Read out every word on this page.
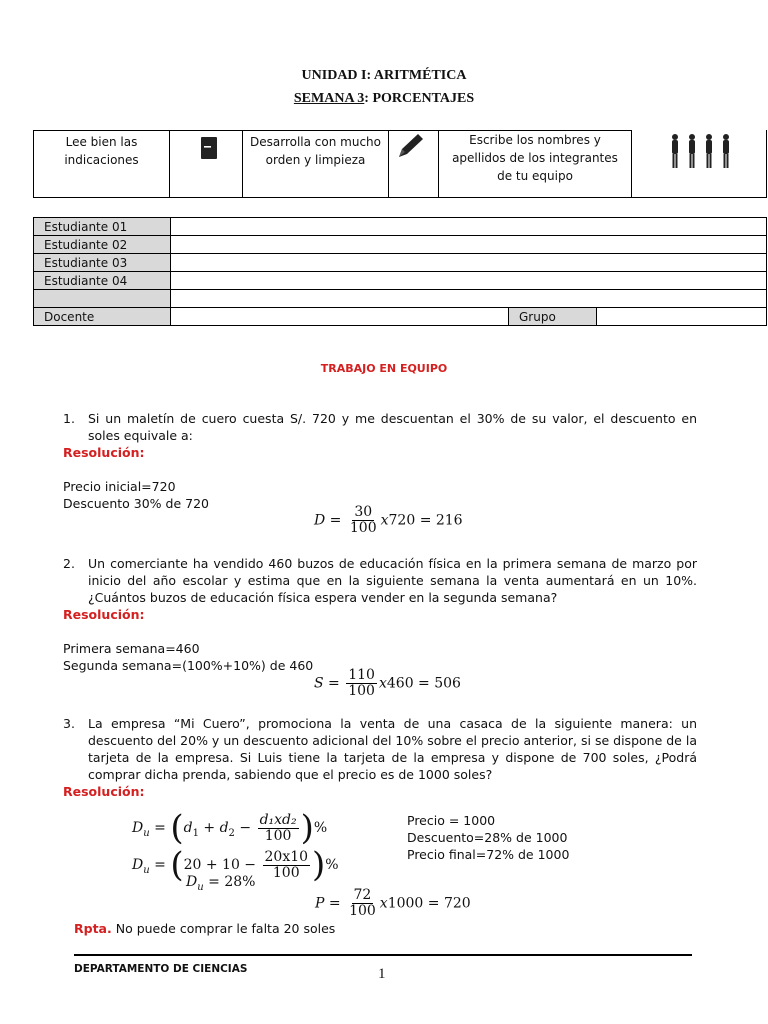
UNIDAD I: ARITMÉTICA
SEMANA 3: PORCENTAJES
Lee bien las indicaciones
Desarrolla con mucho orden y limpieza
Escribe los nombres y apellidos de los integrantes de tu equipo
Estudiante 01			
Estudiante 02			
Estudiante 03			
Estudiante 04			

Docente		Grupo	
TRABAJO EN EQUIPO
1.	Si un maletín de cuero cuesta S/. 720 y me descuentan el 30% de su valor, el descuento en soles equivale a:
Resolución:
Precio inicial=720
Descuento 30% de 720
$D = \frac{30}{100} x720 = 216$
2.	Un comerciante ha vendido 460 buzos de educación física en la primera semana de marzo por inicio del año escolar y estima que en la siguiente semana la venta aumentará en un 10%. ¿Cuántos buzos de educación física espera vender en la segunda semana?
Resolución:
Primera semana=460
Segunda semana=(100%+10%) de 460
$S = \frac{110}{100} x460 = 506$
3.	La empresa “Mi Cuero”, promociona la venta de una casaca de la siguiente manera: un descuento del 20% y un descuento adicional del 10% sobre el precio anterior, si se dispone de la tarjeta de la empresa. Si Luis tiene la tarjeta de la empresa y dispone de 700 soles, ¿Podrá comprar dicha prenda, sabiendo que el precio es de 1000 soles?
Resolución:
$D_u = (d_1 + d_2 - \frac{\text{d₁xd₂}}{100}$ )%
$D_u = (20 + 10 - \frac{20x10}{100}$ )%
$D_u = 28\%$
Precio = 1000
Descuento=28% de 1000
Precio final=72% de 1000
$P = \frac{72}{100} x1000 = 720$
Rpta. No puede comprar le falta 20 soles
DEPARTAMENTO DE CIENCIAS	1
